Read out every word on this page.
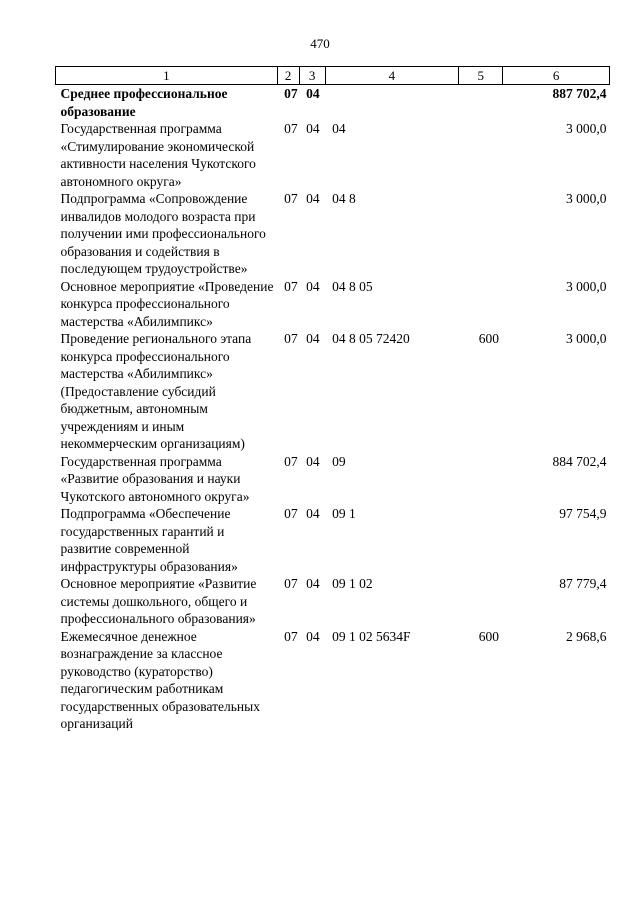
470
1	2	3	4	5	6
Среднее профессиональное образование	07	04			887 702,4
Государственная программа «Стимулирование экономической активности населения Чукотского автономного округа»	07	04	04		3 000,0
Подпрограмма «Сопровождение инвалидов молодого возраста при получении ими профессионального образования и содействия в последующем трудоустройстве»	07	04	04 8		3 000,0
Основное мероприятие «Проведение конкурса профессионального мастерства «Абилимпикс»	07	04	04 8 05		3 000,0
Проведение регионального этапа конкурса профессионального мастерства «Абилимпикс» (Предоставление субсидий бюджетным, автономным учреждениям и иным некоммерческим организациям)	07	04	04 8 05 72420	600	3 000,0
Государственная программа «Развитие образования и науки Чукотского автономного округа»	07	04	09		884 702,4
Подпрограмма «Обеспечение государственных гарантий и развитие современной инфраструктуры образования»	07	04	09 1		97 754,9
Основное мероприятие «Развитие системы дошкольного, общего и профессионального образования»	07	04	09 1 02		87 779,4
Ежемесячное денежное вознаграждение за классное руководство (кураторство) педагогическим работникам государственных образовательных организаций	07	04	09 1 02 5634F	600	2 968,6
